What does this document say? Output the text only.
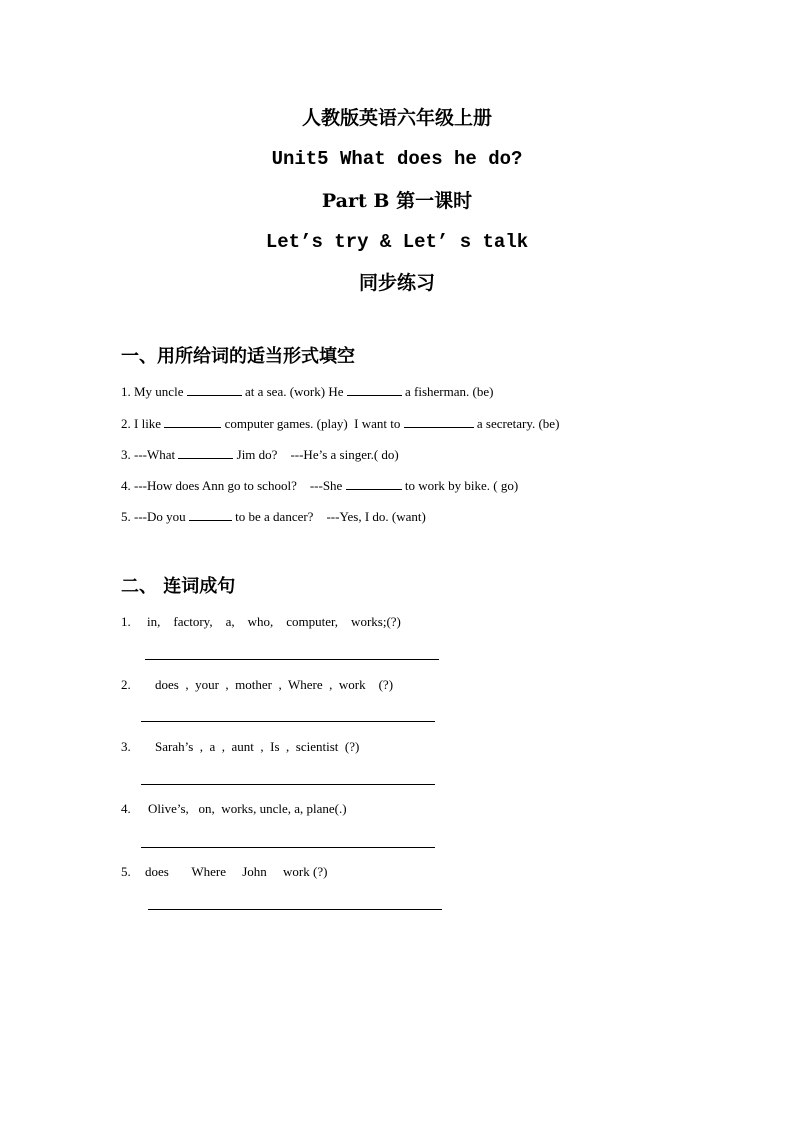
人教版英语六年级上册
Unit5 What does he do?
Part B 第一课时
Let’s try & Let’ s talk
同步练习
一、用所给词的适当形式填空
1. My uncle	at a sea. (work) He	a fisherman. (be)
2. I like	computer games. (play)  I want to	a secretary. (be)
3. ---What	Jim do?    ---He’s a singer.( do)
4. ---How does Ann go to school?    ---She	to work by bike. ( go)
5. ---Do you	to be a dancer?    ---Yes, I do. (want)
二、 连词成句
1. in,    factory,    a,    who,    computer,    works;(?)
2. does  ,  your  ,  mother  ,  Where  ,  work    (?)
3. Sarah’s  ,  a  ,  aunt  ,  Is  ,  scientist  (?)
4. Olive’s,   on,  works, uncle, a, plane(.)
5. does       Where     John     work (?)
